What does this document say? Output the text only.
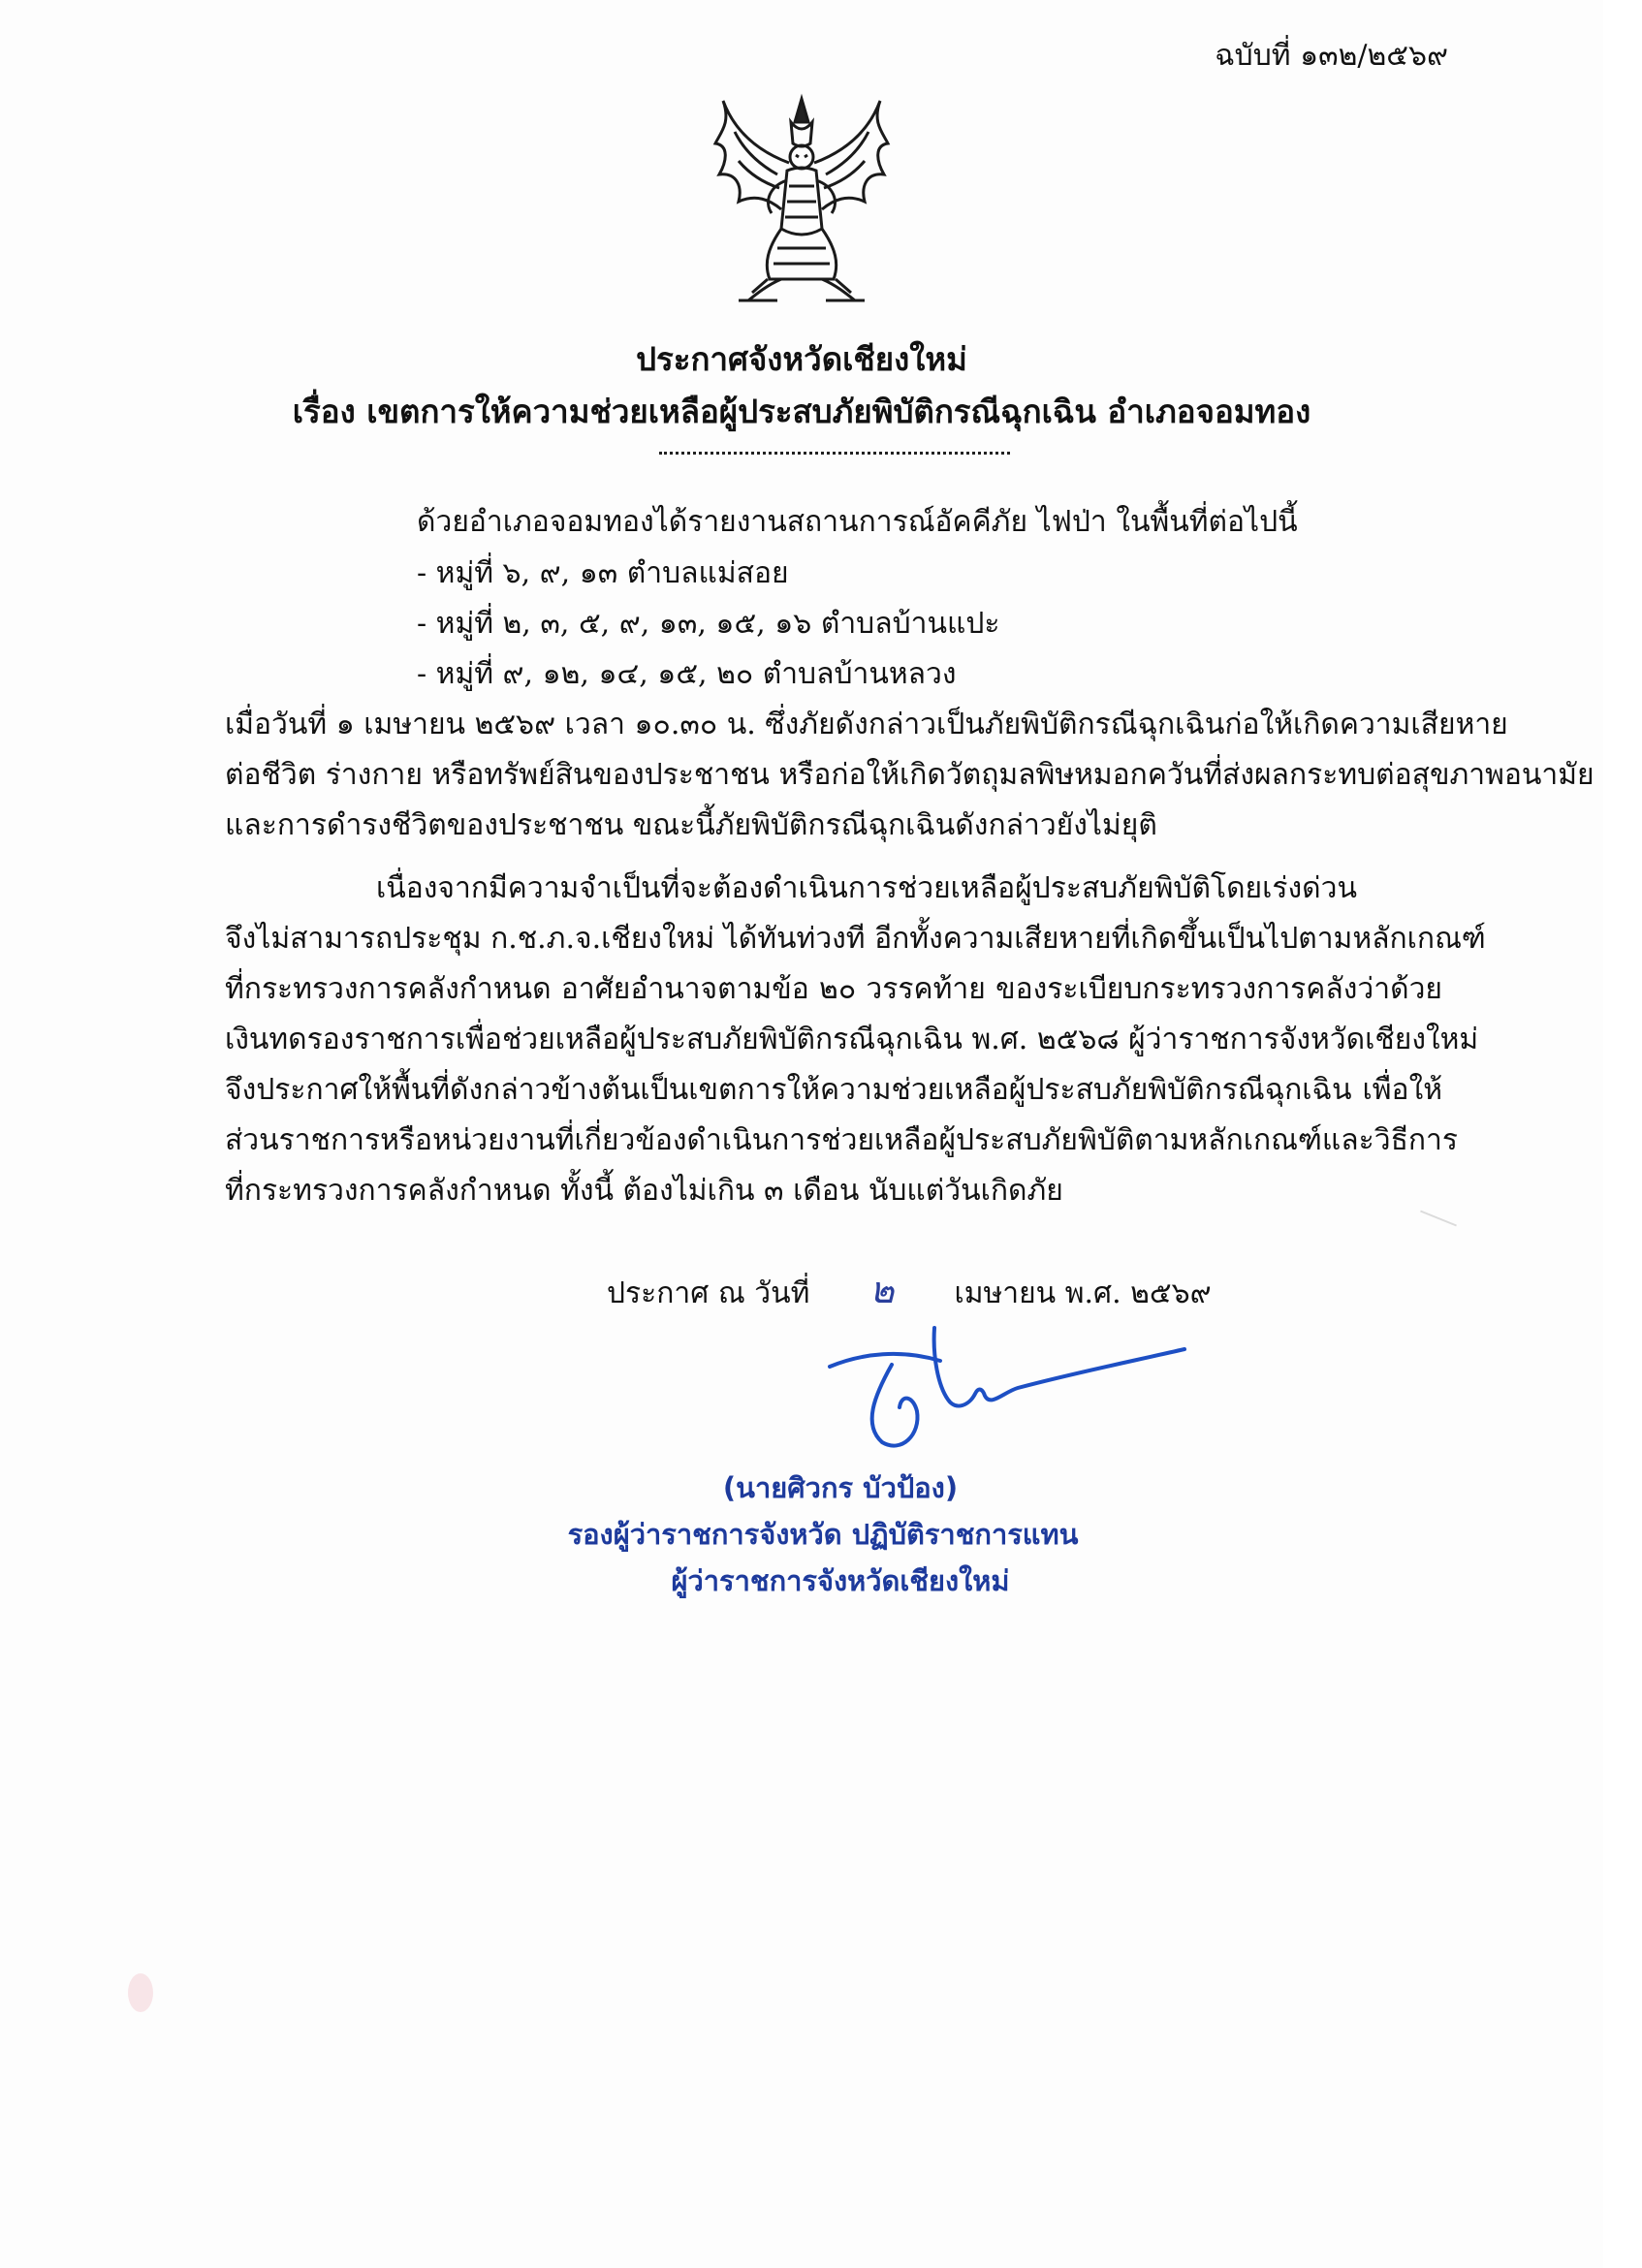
ฉบับที่ ๑๓๒/๒๕๖๙
ประกาศจังหวัดเชียงใหม่
เรื่อง เขตการให้ความช่วยเหลือผู้ประสบภัยพิบัติกรณีฉุกเฉิน อำเภอจอมทอง
ด้วยอำเภอจอมทองได้รายงานสถานการณ์อัคคีภัย ไฟป่า ในพื้นที่ต่อไปนี้
- หมู่ที่ ๖, ๙, ๑๓ ตำบลแม่สอย
- หมู่ที่ ๒, ๓, ๕, ๙, ๑๓, ๑๕, ๑๖ ตำบลบ้านแปะ
- หมู่ที่ ๙, ๑๒, ๑๔, ๑๕, ๒๐ ตำบลบ้านหลวง
เมื่อวันที่ ๑ เมษายน ๒๕๖๙ เวลา ๑๐.๓๐ น. ซึ่งภัยดังกล่าวเป็นภัยพิบัติกรณีฉุกเฉินก่อให้เกิดความเสียหาย
ต่อชีวิต ร่างกาย หรือทรัพย์สินของประชาชน หรือก่อให้เกิดวัตถุมลพิษหมอกควันที่ส่งผลกระทบต่อสุขภาพอนามัย
และการดำรงชีวิตของประชาชน ขณะนี้ภัยพิบัติกรณีฉุกเฉินดังกล่าวยังไม่ยุติ
เนื่องจากมีความจำเป็นที่จะต้องดำเนินการช่วยเหลือผู้ประสบภัยพิบัติโดยเร่งด่วน
จึงไม่สามารถประชุม ก.ช.ภ.จ.เชียงใหม่ ได้ทันท่วงที อีกทั้งความเสียหายที่เกิดขึ้นเป็นไปตามหลักเกณฑ์
ที่กระทรวงการคลังกำหนด อาศัยอำนาจตามข้อ ๒๐ วรรคท้าย ของระเบียบกระทรวงการคลังว่าด้วย
เงินทดรองราชการเพื่อช่วยเหลือผู้ประสบภัยพิบัติกรณีฉุกเฉิน พ.ศ. ๒๕๖๘ ผู้ว่าราชการจังหวัดเชียงใหม่
จึงประกาศให้พื้นที่ดังกล่าวข้างต้นเป็นเขตการให้ความช่วยเหลือผู้ประสบภัยพิบัติกรณีฉุกเฉิน เพื่อให้
ส่วนราชการหรือหน่วยงานที่เกี่ยวข้องดำเนินการช่วยเหลือผู้ประสบภัยพิบัติตามหลักเกณฑ์และวิธีการ
ที่กระทรวงการคลังกำหนด ทั้งนี้ ต้องไม่เกิน ๓ เดือน นับแต่วันเกิดภัย
ประกาศ ณ วันที่ ๒ เมษายน พ.ศ. ๒๕๖๙
(นายศิวกร บัวป้อง)
รองผู้ว่าราชการจังหวัด ปฏิบัติราชการแทน
ผู้ว่าราชการจังหวัดเชียงใหม่
